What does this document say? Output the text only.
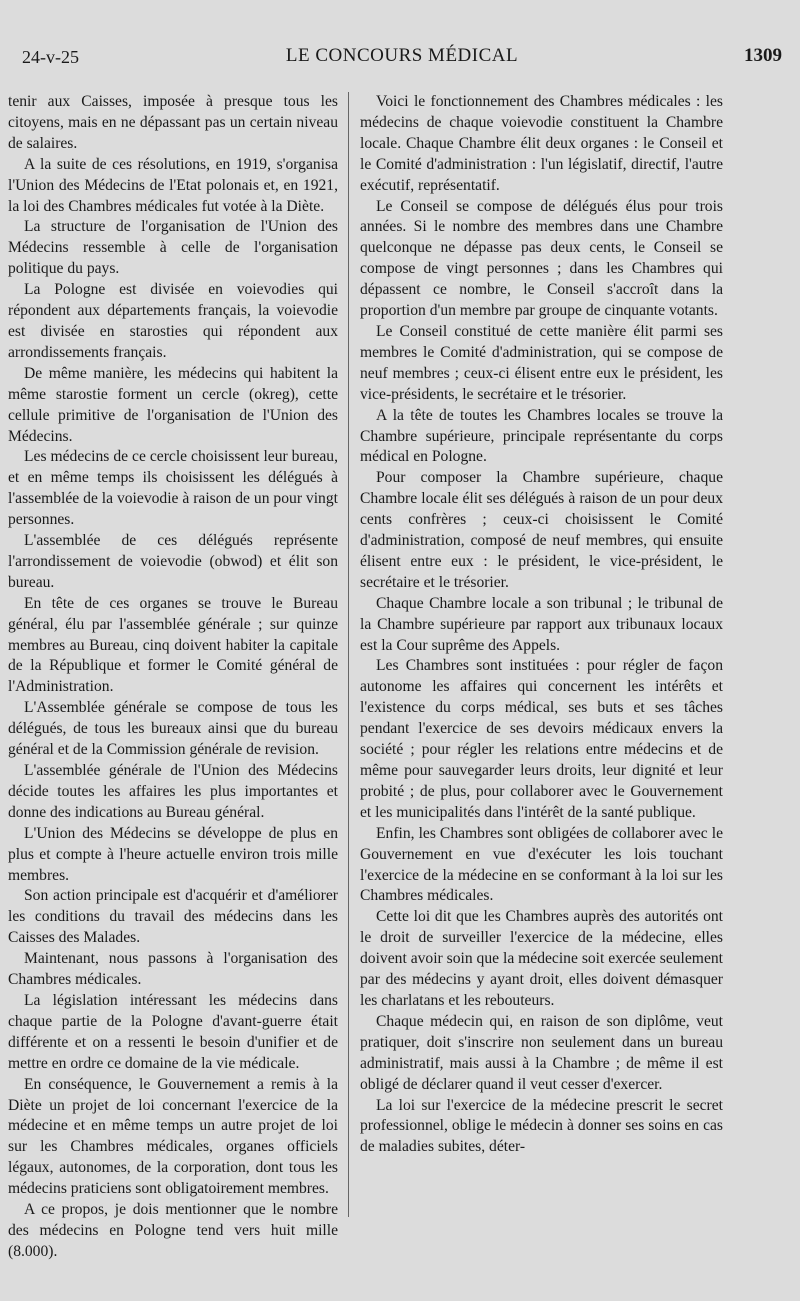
24-v-25	LE CONCOURS MÉDICAL	1309

tenir aux Caisses, imposée à presque tous les citoyens, mais en ne dépassant pas un certain niveau de salaires.

A la suite de ces résolutions, en 1919, s'organisa l'Union des Médecins de l'Etat polonais et, en 1921, la loi des Chambres médicales fut votée à la Diète.

La structure de l'organisation de l'Union des Médecins ressemble à celle de l'organisation politique du pays.

La Pologne est divisée en voievodies qui répondent aux départements français, la voievodie est divisée en starosties qui répondent aux arrondissements français.

De même manière, les médecins qui habitent la même starostie forment un cercle (okreg), cette cellule primitive de l'organisation de l'Union des Médecins.

Les médecins de ce cercle choisissent leur bureau, et en même temps ils choisissent les délégués à l'assemblée de la voievodie à raison de un pour vingt personnes.

L'assemblée de ces délégués représente l'arrondissement de voievodie (obwod) et élit son bureau.

En tête de ces organes se trouve le Bureau général, élu par l'assemblée générale ; sur quinze membres au Bureau, cinq doivent habiter la capitale de la République et former le Comité général de l'Administration.

L'Assemblée générale se compose de tous les délégués, de tous les bureaux ainsi que du bureau général et de la Commission générale de revision.

L'assemblée générale de l'Union des Médecins décide toutes les affaires les plus importantes et donne des indications au Bureau général.

L'Union des Médecins se développe de plus en plus et compte à l'heure actuelle environ trois mille membres.

Son action principale est d'acquérir et d'améliorer les conditions du travail des médecins dans les Caisses des Malades.

Maintenant, nous passons à l'organisation des Chambres médicales.

La législation intéressant les médecins dans chaque partie de la Pologne d'avant-guerre était différente et on a ressenti le besoin d'unifier et de mettre en ordre ce domaine de la vie médicale.

En conséquence, le Gouvernement a remis à la Diète un projet de loi concernant l'exercice de la médecine et en même temps un autre projet de loi sur les Chambres médicales, organes officiels légaux, autonomes, de la corporation, dont tous les médecins praticiens sont obligatoirement membres.

A ce propos, je dois mentionner que le nombre des médecins en Pologne tend vers huit mille (8.000).

Voici le fonctionnement des Chambres médicales : les médecins de chaque voievodie constituent la Chambre locale. Chaque Chambre élit deux organes : le Conseil et le Comité d'administration : l'un législatif, directif, l'autre exécutif, représentatif.

Le Conseil se compose de délégués élus pour trois années. Si le nombre des membres dans une Chambre quelconque ne dépasse pas deux cents, le Conseil se compose de vingt personnes ; dans les Chambres qui dépassent ce nombre, le Conseil s'accroît dans la proportion d'un membre par groupe de cinquante votants.

Le Conseil constitué de cette manière élit parmi ses membres le Comité d'administration, qui se compose de neuf membres ; ceux-ci élisent entre eux le président, les vice-présidents, le secrétaire et le trésorier.

A la tête de toutes les Chambres locales se trouve la Chambre supérieure, principale représentante du corps médical en Pologne.

Pour composer la Chambre supérieure, chaque Chambre locale élit ses délégués à raison de un pour deux cents confrères ; ceux-ci choisissent le Comité d'administration, composé de neuf membres, qui ensuite élisent entre eux : le président, le vice-président, le secrétaire et le trésorier.

Chaque Chambre locale a son tribunal ; le tribunal de la Chambre supérieure par rapport aux tribunaux locaux est la Cour suprême des Appels.

Les Chambres sont instituées : pour régler de façon autonome les affaires qui concernent les intérêts et l'existence du corps médical, ses buts et ses tâches pendant l'exercice de ses devoirs médicaux envers la société ; pour régler les relations entre médecins et de même pour sauvegarder leurs droits, leur dignité et leur probité ; de plus, pour collaborer avec le Gouvernement et les municipalités dans l'intérêt de la santé publique.

Enfin, les Chambres sont obligées de collaborer avec le Gouvernement en vue d'exécuter les lois touchant l'exercice de la médecine en se conformant à la loi sur les Chambres médicales.

Cette loi dit que les Chambres auprès des autorités ont le droit de surveiller l'exercice de la médecine, elles doivent avoir soin que la médecine soit exercée seulement par des médecins y ayant droit, elles doivent démasquer les charlatans et les rebouteurs.

Chaque médecin qui, en raison de son diplôme, veut pratiquer, doit s'inscrire non seulement dans un bureau administratif, mais aussi à la Chambre ; de même il est obligé de déclarer quand il veut cesser d'exercer.

La loi sur l'exercice de la médecine prescrit le secret professionnel, oblige le médecin à donner ses soins en cas de maladies subites, déter-
